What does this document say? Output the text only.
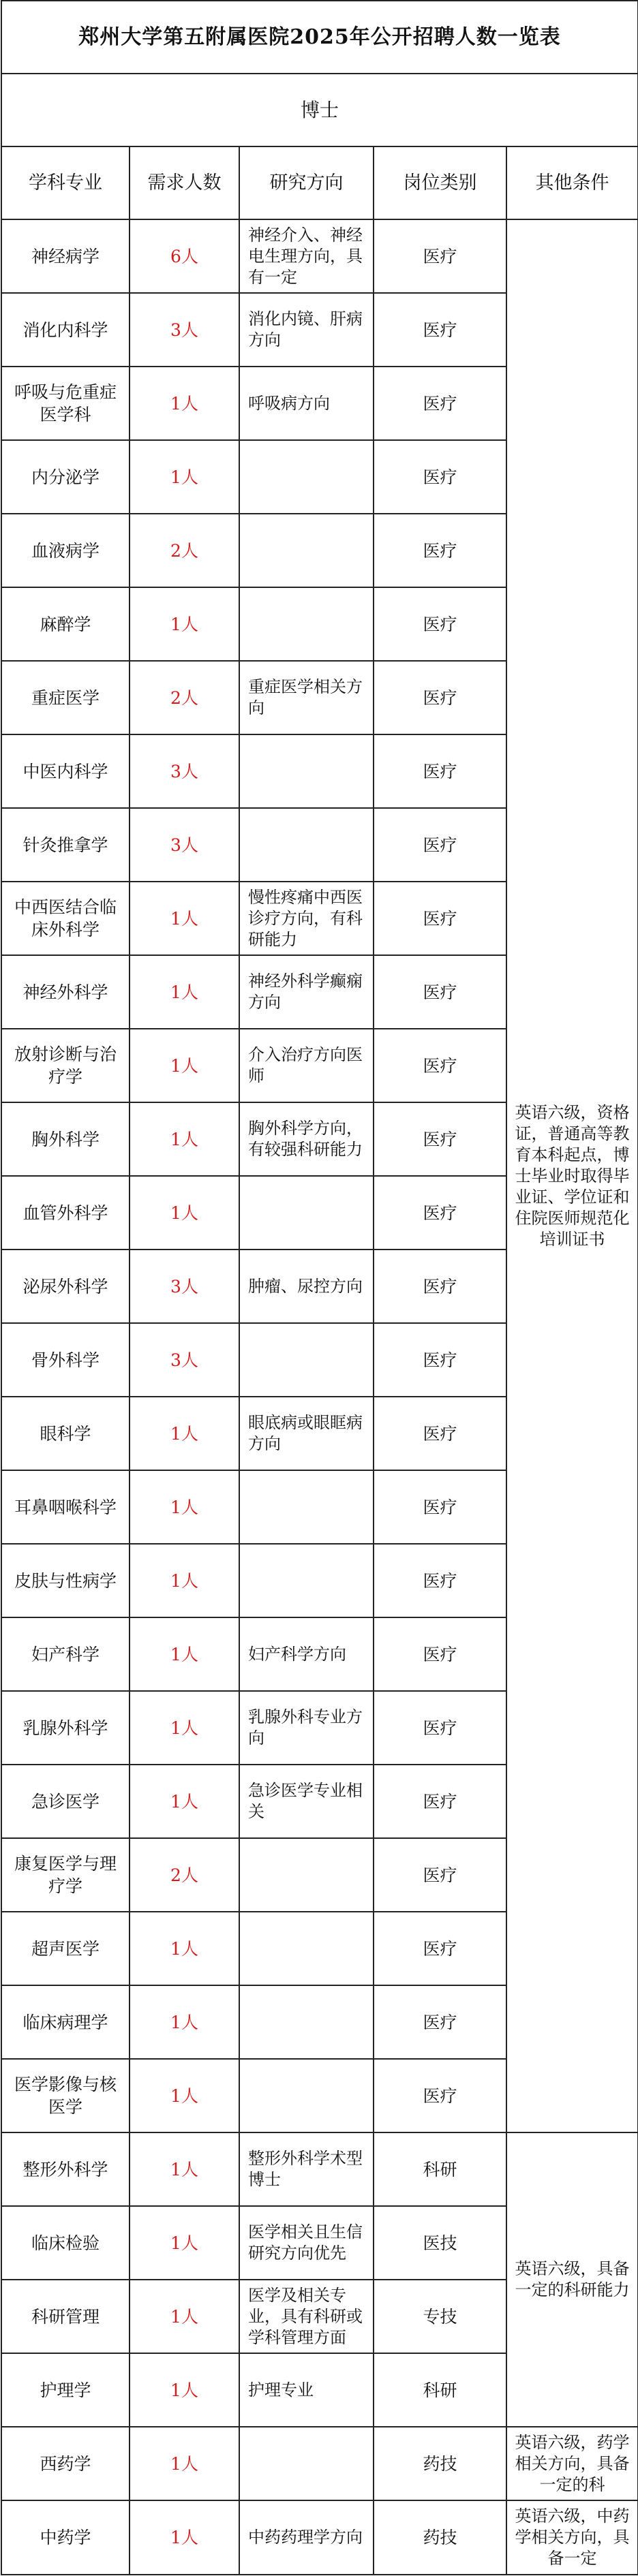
郑州大学第五附属医院2025年公开招聘人数一览表				
博士				
学科专业	需求人数	研究方向	岗位类别	其他条件
神经病学	6人	神经介入、神经电生理方向，具有一定	医疗	英语六级，资格证，普通高等教育本科起点，博士毕业时取得毕业证、学位证和住院医师规范化培训证书

消化内科学	3人	消化内镜、肝病方向	医疗	
呼吸与危重症医学科	1人	呼吸病方向	医疗	
内分泌学	1人		医疗	
血液病学	2人		医疗	
麻醉学	1人		医疗	
重症医学	2人	重症医学相关方向	医疗	
中医内科学	3人		医疗	
针灸推拿学	3人		医疗	
中西医结合临床外科学	1人	慢性疼痛中西医诊疗方向，有科研能力	医疗	
神经外科学	1人	神经外科学癫痫方向	医疗	
放射诊断与治疗学	1人	介入治疗方向医师	医疗	
胸外科学	1人	胸外科学方向，有较强科研能力	医疗	
血管外科学	1人		医疗	
泌尿外科学	3人	肿瘤、尿控方向	医疗	
骨外科学	3人		医疗	
眼科学	1人	眼底病或眼眶病方向	医疗	
耳鼻咽喉科学	1人		医疗	
皮肤与性病学	1人		医疗	
妇产科学	1人	妇产科学方向	医疗	
乳腺外科学	1人	乳腺外科专业方向	医疗	
急诊医学	1人	急诊医学专业相关	医疗	
康复医学与理疗学	2人		医疗	
超声医学	1人		医疗	
临床病理学	1人		医疗	
医学影像与核医学	1人		医疗	
整形外科学	1人	整形外科学术型博士	科研	英语六级，具备一定的科研能力

临床检验	1人	医学相关且生信研究方向优先	医技	
科研管理	1人	医学及相关专业，具有科研或学科管理方面	专技	
护理学	1人	护理专业	科研	
西药学	1人		药技	英语六级，药学相关方向，具备一定的科

中药学	1人	中药药理学方向	药技	英语六级，中药学相关方向，具备一定
